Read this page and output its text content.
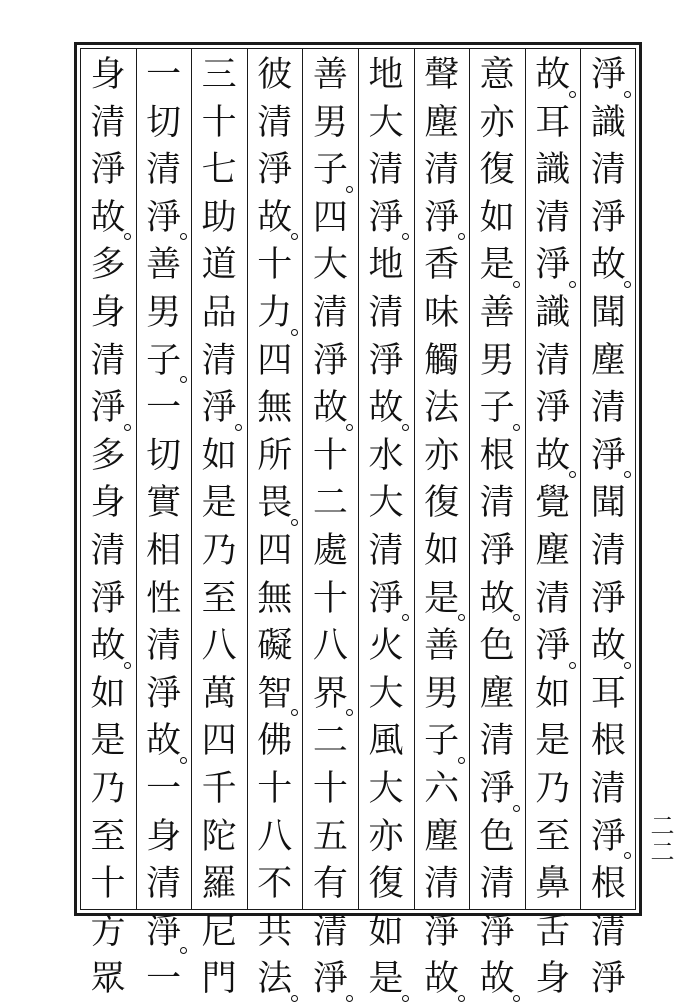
淨
識
清
淨
故
聞
塵
清
淨
聞
清
淨
故
耳
根
清
淨
根
清
淨
故
耳
識
清
淨
識
清
淨
故
覺
塵
清
淨
如
是
乃
至
鼻
舌
身
意
亦
復
如
是
善
男
子
根
清
淨
故
色
塵
清
淨
色
清
淨
故
聲
塵
清
淨
香
味
觸
法
亦
復
如
是
善
男
子
六
塵
清
淨
故
地
大
清
淨
地
清
淨
故
水
大
清
淨
火
大
風
大
亦
復
如
是
善
男
子
四
大
清
淨
故
十
二
處
十
八
界
二
十
五
有
清
淨
彼
清
淨
故
十
力
四
無
所
畏
四
無
礙
智
佛
十
八
不
共
法
三
十
七
助
道
品
清
淨
如
是
乃
至
八
萬
四
千
陀
羅
尼
門
一
切
清
淨
善
男
子
一
切
實
相
性
清
淨
故
一
身
清
淨
一
身
清
淨
故
多
身
清
淨
多
身
清
淨
故
如
是
乃
至
十
方
眾
二二
